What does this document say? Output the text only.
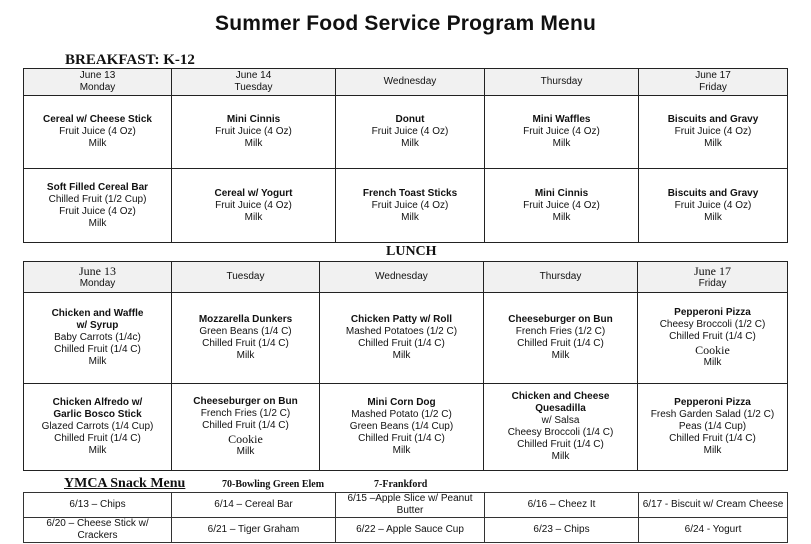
Summer Food Service Program Menu
BREAKFAST: K-12
June 13
Monday	June 14
Tuesday	Wednesday	Thursday	June 17
Friday

Cereal w/ Cheese Stick
Fruit Juice (4 Oz)
Milk	Mini Cinnis
Fruit Juice (4 Oz)
Milk	Donut
Fruit Juice (4 Oz)
Milk	Mini Waffles
Fruit Juice (4 Oz)
Milk	Biscuits and Gravy
Fruit Juice (4 Oz)
Milk

Soft Filled Cereal Bar
Chilled Fruit (1/2 Cup)
Fruit Juice (4 Oz)
Milk	Cereal w/ Yogurt
Fruit Juice (4 Oz)
Milk	French Toast Sticks
Fruit Juice (4 Oz)
Milk	Mini Cinnis
Fruit Juice (4 Oz)
Milk	Biscuits and Gravy
Fruit Juice (4 Oz)
Milk
LUNCH
June 13
Monday	Tuesday	Wednesday	Thursday	June 17
Friday

Chicken and Waffle
w/ Syrup
Baby Carrots (1/4c)
Chilled Fruit (1/4 C)
Milk	Mozzarella Dunkers
Green Beans (1/4 C)
Chilled Fruit (1/4 C)
Milk	Chicken Patty w/ Roll
Mashed Potatoes (1/2 C)
Chilled Fruit (1/4 C)
Milk	Cheeseburger on Bun
French Fries (1/2 C)
Chilled Fruit (1/4 C)
Milk	Pepperoni Pizza
Cheesy Broccoli (1/2 C)
Chilled Fruit (1/4 C)
Cookie
Milk

Chicken Alfredo w/
Garlic Bosco Stick
Glazed Carrots (1/4 Cup)
Chilled Fruit (1/4 C)
Milk	Cheeseburger on Bun
French Fries (1/2 C)
Chilled Fruit (1/4 C)
Cookie
Milk	Mini Corn Dog
Mashed Potato (1/2 C)
Green Beans (1/4 Cup)
Chilled Fruit (1/4 C)
Milk	Chicken and Cheese Quesadilla
w/ Salsa
Cheesy Broccoli (1/4 C)
Chilled Fruit (1/4 C)
Milk	Pepperoni Pizza
Fresh Garden Salad (1/2 C)
Peas (1/4 Cup)
Chilled Fruit (1/4 C)
Milk
YMCA Snack Menu	70-Bowling Green Elem	7-Frankford
6/13 – Chips	6/14 – Cereal Bar	6/15 –Apple Slice w/ Peanut Butter	6/16 – Cheez It	6/17 - Biscuit w/ Cream Cheese
6/20 – Cheese Stick w/ Crackers	6/21 – Tiger Graham	6/22 – Apple Sauce Cup	6/23 – Chips	6/24 - Yogurt
